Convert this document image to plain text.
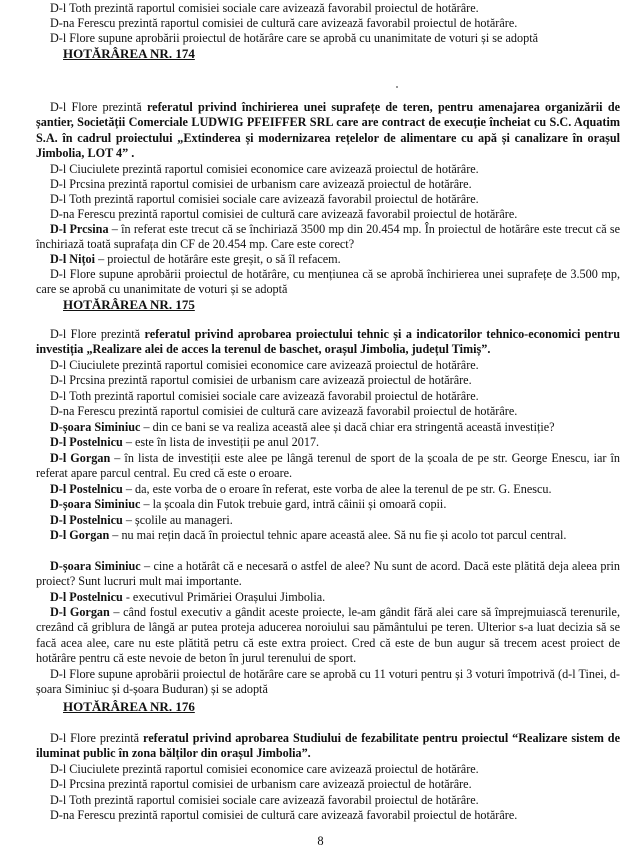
D-l Toth prezintă raportul comisiei sociale care avizează favorabil proiectul de hotărâre.

D-na Ferescu prezintă raportul comisiei de cultură care avizează favorabil proiectul de hotărâre.

D-l Flore supune aprobării proiectul de hotărâre care se aprobă cu unanimitate de voturi și se adoptă

HOTĂRÂREA NR. 174

D-l Flore prezintă referatul privind închirierea unei suprafețe de teren, pentru amenajarea organizării de șantier, Societății Comerciale LUDWIG PFEIFFER SRL care are contract de execuție încheiat cu S.C. Aquatim S.A. în cadrul proiectului „Extinderea și modernizarea rețelelor de alimentare cu apă și canalizare în orașul Jimbolia, LOT 4” .

D-l Ciuciulete prezintă raportul comisiei economice care avizează proiectul de hotărâre.

D-l Prcsina prezintă raportul comisiei de urbanism care avizează proiectul de hotărâre.

D-l Toth prezintă raportul comisiei sociale care avizează favorabil proiectul de hotărâre.

D-na Ferescu prezintă raportul comisiei de cultură care avizează favorabil proiectul de hotărâre.

D-l Prcsina – în referat este trecut că se închiriază 3500 mp din 20.454 mp. În proiectul de hotărâre este trecut că se închiriază toată suprafața din CF de 20.454 mp. Care este corect?

D-l Nițoi – proiectul de hotărâre este greșit, o să îl refacem.

D-l Flore supune aprobării proiectul de hotărâre, cu mențiunea că se aprobă închirierea unei suprafețe de 3.500 mp, care se aprobă cu unanimitate de voturi și se adoptă

HOTĂRÂREA NR. 175

D-l Flore prezintă referatul privind aprobarea proiectului tehnic și a indicatorilor tehnico-economici pentru investiția „Realizare alei de acces la terenul de baschet, orașul Jimbolia, județul Timiș”.

D-l Ciuciulete prezintă raportul comisiei economice care avizează proiectul de hotărâre.

D-l Prcsina prezintă raportul comisiei de urbanism care avizează proiectul de hotărâre.

D-l Toth prezintă raportul comisiei sociale care avizează favorabil proiectul de hotărâre.

D-na Ferescu prezintă raportul comisiei de cultură care avizează favorabil proiectul de hotărâre.

D-șoara Siminiuc – din ce bani se va realiza această alee și dacă chiar era stringentă această investiție?

D-l Postelnicu – este în lista de investiții pe anul 2017.

D-l Gorgan – în lista de investiții este alee pe lângă terenul de sport de la școala de pe str. George Enescu, iar în referat apare parcul central. Eu cred că este o eroare.

D-l Postelnicu – da, este vorba de o eroare în referat, este vorba de alee la terenul de pe str. G. Enescu.

D-șoara Siminiuc – la școala din Futok trebuie gard, intră câinii și omoară copii.

D-l Postelnicu – școlile au manageri.

D-l Gorgan – nu mai rețin dacă în proiectul tehnic apare această alee. Să nu fie și acolo tot parcul central.

D-șoara Siminiuc – cine a hotărât că e necesară o astfel de alee? Nu sunt de acord. Dacă este plătită deja aleea prin proiect? Sunt lucruri mult mai importante.

D-l Postelnicu - executivul Primăriei Orașului Jimbolia.

D-l Gorgan – când fostul executiv a gândit aceste proiecte, le-am gândit fără alei care să împrejmuiască terenurile, crezând că griblura de lângă ar putea proteja aducerea noroiului sau pământului pe teren. Ulterior s-a luat decizia să se facă acea alee, care nu este plătită petru că este extra proiect. Cred că este de bun augur să trecem acest proiect de hotărâre pentru că este nevoie de beton în jurul terenului de sport.

D-l Flore supune aprobării proiectul de hotărâre care se aprobă cu 11 voturi pentru și 3 voturi împotrivă (d-l Tinei, d-șoara Siminiuc și d-șoara Buduran) și se adoptă

HOTĂRÂREA NR. 176

D-l Flore prezintă referatul privind aprobarea Studiului de fezabilitate pentru proiectul “Realizare sistem de iluminat public în zona bălților din orașul Jimbolia”.

D-l Ciuciulete prezintă raportul comisiei economice care avizează proiectul de hotărâre.

D-l Prcsina prezintă raportul comisiei de urbanism care avizează proiectul de hotărâre.

D-l Toth prezintă raportul comisiei sociale care avizează favorabil proiectul de hotărâre.

D-na Ferescu prezintă raportul comisiei de cultură care avizează favorabil proiectul de hotărâre.

8
